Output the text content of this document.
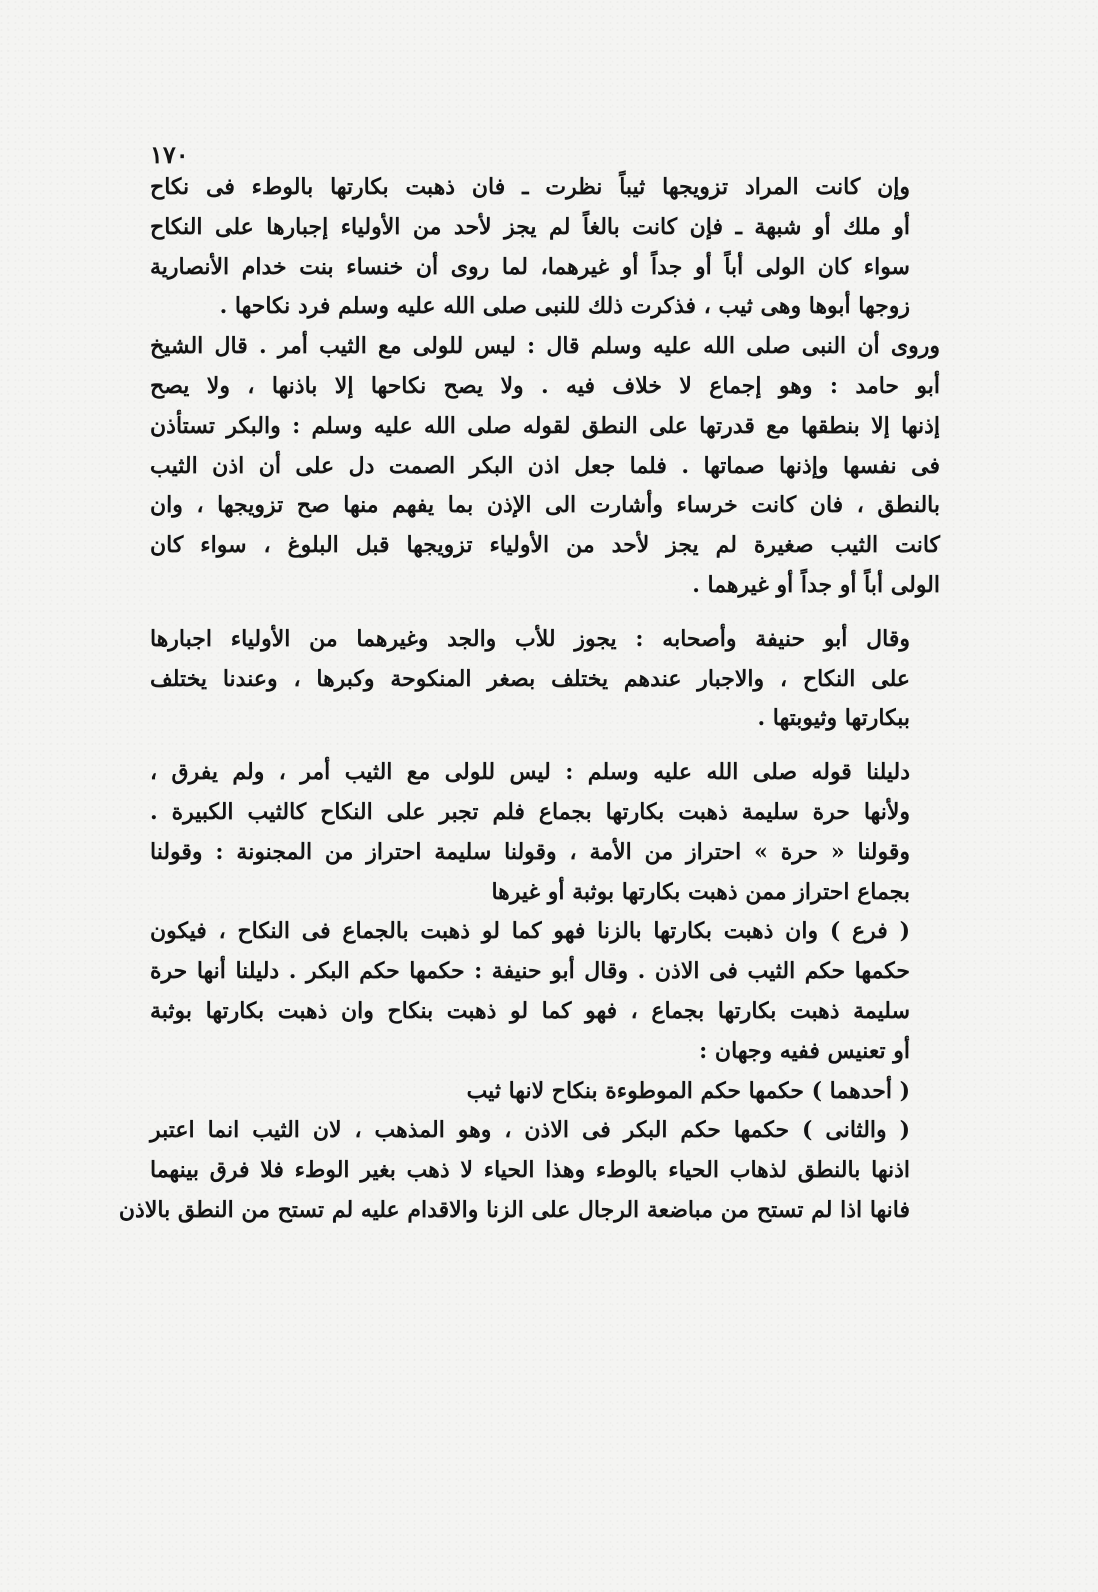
١٧٠
وإن كانت المراد تزويجها ثيباً نظرت ـ فان ذهبت بكارتها بالوطء فى نكاح
أو ملك أو شبهة ـ فإن كانت بالغاً لم يجز لأحد من الأولياء إجبارها على النكاح
سواء كان الولى أباً أو جداً أو غيرهما، لما روى أن خنساء بنت خدام الأنصارية
زوجها أبوها وهى ثيب ، فذكرت ذلك للنبى صلى الله عليه وسلم فرد نكاحها .
وروى أن النبى صلى الله عليه وسلم قال : ليس للولى مع الثيب أمر . قال الشيخ
أبو حامد : وهو إجماع لا خلاف فيه . ولا يصح نكاحها إلا باذنها ، ولا يصح
إذنها إلا بنطقها مع قدرتها على النطق لقوله صلى الله عليه وسلم : والبكر تستأذن
فى نفسها وإذنها صماتها . فلما جعل اذن البكر الصمت دل على أن اذن الثيب
بالنطق ، فان كانت خرساء وأشارت الى الإذن بما يفهم منها صح تزويجها ، وان
كانت الثيب صغيرة لم يجز لأحد من الأولياء تزويجها قبل البلوغ ، سواء كان
الولى أباً أو جداً أو غيرهما .
وقال أبو حنيفة وأصحابه : يجوز للأب والجد وغيرهما من الأولياء اجبارها
على النكاح ، والاجبار عندهم يختلف بصغر المنكوحة وكبرها ، وعندنا يختلف
ببكارتها وثيوبتها .
دليلنا قوله صلى الله عليه وسلم : ليس للولى مع الثيب أمر ، ولم يفرق ،
ولأنها حرة سليمة ذهبت بكارتها بجماع فلم تجبر على النكاح كالثيب الكبيرة .
وقولنا « حرة » احتراز من الأمة ، وقولنا سليمة احتراز من المجنونة : وقولنا
بجماع احتراز ممن ذهبت بكارتها بوثبة أو غيرها
( فرع ) وان ذهبت بكارتها بالزنا فهو كما لو ذهبت بالجماع فى النكاح ، فيكون
حكمها حكم الثيب فى الاذن . وقال أبو حنيفة : حكمها حكم البكر . دليلنا أنها حرة
سليمة ذهبت بكارتها بجماع ، فهو كما لو ذهبت بنكاح وان ذهبت بكارتها بوثبة
أو تعنيس ففيه وجهان :
( أحدهما ) حكمها حكم الموطوءة بنكاح لانها ثيب
( والثانى ) حكمها حكم البكر فى الاذن ، وهو المذهب ، لان الثيب انما اعتبر
اذنها بالنطق لذهاب الحياء بالوطء وهذا الحياء لا ذهب بغير الوطء فلا فرق بينهما
فانها اذا لم تستح من مباضعة الرجال على الزنا والاقدام عليه لم تستح من النطق بالاذن
